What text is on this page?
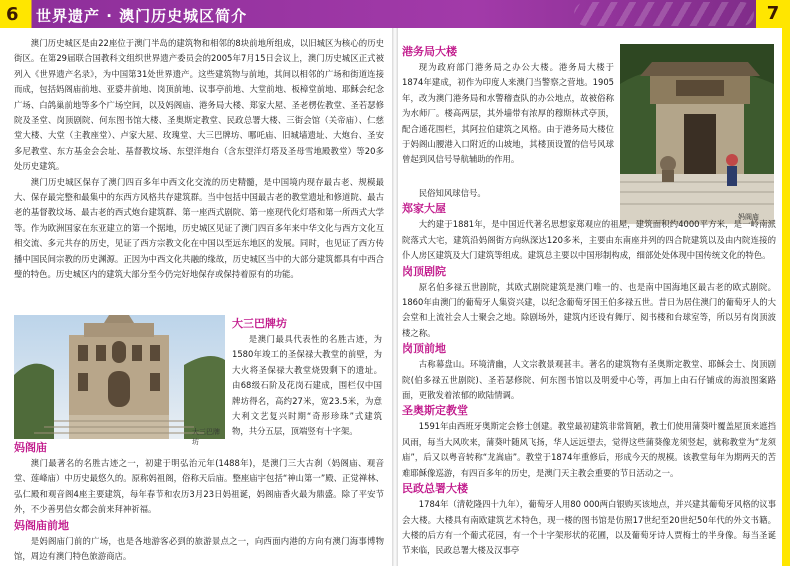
6 世界遗产 · 澳门历史城区简介	7

澳门历史城区是由22座位于澳门半岛的建筑物和相邻的8块前地所组成，以旧城区为核心的历史街区。在第29届联合国教科文组织世界遗产委员会的2005年7月15日会议上，澳门历史城区正式被列入《世界遗产名录》，为中国第31处世界遗产。这些建筑物与前地，其间以相邻的广场和街道连接而成，包括妈阁庙前地、亚婆井前地、岗顶前地、议事亭前地、大堂前地、板樟堂前地、耶稣会纪念广场、白鸽巢前地等多个广场空间，以及妈阁庙、港务局大楼、郑家大屋、圣老楞佐教堂、圣若瑟修院及圣堂、岗顶剧院、何东图书馆大楼、圣奥斯定教堂、民政总署大楼、三街会馆（关帝庙）、仁慈堂大楼、大堂（主教座堂）、卢家大屋、玫瑰堂、大三巴牌坊、哪吒庙、旧城墙遗址、大炮台、圣安多尼教堂、东方基金会会址、基督教坟场、东望洋炮台（含东望洋灯塔及圣母雪地殿教堂）等20多处历史建筑。

澳门历史城区保存了澳门四百多年中西文化交流的历史精髓，是中国境内现存最古老、规模最大、保存最完整和最集中的东西方风格共存建筑群。当中包括中国最古老的教堂遗址和修道院、最古老的基督教坟场、最古老的西式炮台建筑群、第一座西式剧院、第一座现代化灯塔和第一所西式大学等。作为欧洲国家在东亚建立的第一个据地，历史城区见证了澳门四百多年来中华文化与西方文化互相交流、多元共存的历史，见证了西方宗教文化在中国以至远东地区的发展。同时，也见证了西方传播中国民间宗教的历史渊源。正因为中西文化共融的缘故，历史城区当中的大部分建筑都具有中西合璧的特色。历史城区内的建筑大部分至今仍完好地保存或保持着原有的功能。

大三巴牌坊
大三巴牌坊

是澳门最具代表性的名胜古迹，为1580年竣工的圣保禄大教堂的前壁，为大火将圣保禄大教堂烧毁剩下的遗址。由68级石阶及花岗石建成，围栏仅中国牌坊得名，高约27米，宽23.5米，为意大利文艺复兴时期“奇形珍珠”式建筑物，共分五层，顶端竖有十字架。

妈阁庙

澳门最著名的名胜古迹之一，初建于明弘治元年(1488年)，是澳门三大古刹（妈阁庙、观音堂、莲峰庙）中历史最悠久的。原称妈祖阁，俗称天后庙。整座庙宇包括“神山第一”殿、正觉禅林、弘仁殿和观音阁4座主要建筑，每年春节和农历3月23日妈祖诞，妈阁庙香火最为鼎盛。除了平安节外，不少善男信女都会前来拜神祈福。

妈阁庙前地

是妈阁庙门前的广场，也是各地游客必到的旅游景点之一，向西面内港的方向有澳门海事博物馆，周边有澳门特色旅游商店。

港务局大楼

现为政府部门港务局之办公大楼。港务局大楼于1874年建成，初作为印度人来澳门当警察之营地。1905年，改为澳门港务局和水警稽查队的办公地点，故被俗称为水师厂。楼高两层，其外墙带有浓厚的穆斯林式亭顶，配合通花围栏，其阿拉伯建筑之风格。由于港务局大楼位于妈阁山腰港入口附近的山坡地，其楼顶设置的信号风球曾起到风信号导航辅助的作用。

妈阁庙

民俗知风球信号。

郑家大屋

大约建于1881年，是中国近代著名思想家郑观应的祖屋，建筑面积约4000平方米，是一岭南派院落式大宅，建筑沿妈阁街方向纵深达120多米，主要由东南座并列的四合院建筑以及由内院连接的仆人房区建筑及大门建筑等组成。建筑总主要以中国形制构成，细部处处体现中国传统文化的特色。

岗顶剧院

原名伯多禄五世剧院，其欧式剧院建筑是澳门唯一的、也是南中国海地区最古老的欧式剧院。1860年由澳门的葡萄牙人集资兴建，以纪念葡萄牙国王伯多禄五世。昔日为居住澳门的葡萄牙人的大会堂和上流社会人士聚会之地。除剧场外，建筑内还设有舞厅、阅书楼和台球室等，所以另有岗顶波楼之称。

岗顶前地

古称幕盘山。环境清幽，人文宗教景观甚丰。著名的建筑物有圣奥斯定教堂、耶稣会士、岗顶剧院(伯多禄五世剧院)、圣若瑟修院、何东图书馆以及明爱中心等，再加上由石仔铺成的海浪图案路面，更散发着浓郁的欧陆情调。

圣奥斯定教堂

1591年由西班牙奥斯定会修士创建。教堂最初建筑非常简陋，教士们使用蒲葵叶覆盖屋顶来遮挡风雨，每当大风吹来，蒲葵叶随风飞扬，华人远远望去，觉得这些蒲葵像龙须竖起，就称教堂为“龙须庙”，后又以粤音转称“龙嵩庙”。教堂于1874年重修后，形成今天的规模。该教堂每年为期两天的苦难耶稣像巡游，有四百多年的历史，是澳门天主教会重要的节日活动之一。

民政总署大楼

1784年（清乾隆四十九年），葡萄牙人用80 000两白银购买该地点，并兴建其葡萄牙风格的议事会大楼。大楼具有南欧建筑艺术特色，现一楼的图书馆是仿照17世纪至20世纪50年代的外文书籍。大楼的后方有一个葡式花园，有一个十字架形状的花圃，以及葡萄牙诗人贾梅士的半身像。每当圣诞节来临，民政总署大楼及汉事亭
